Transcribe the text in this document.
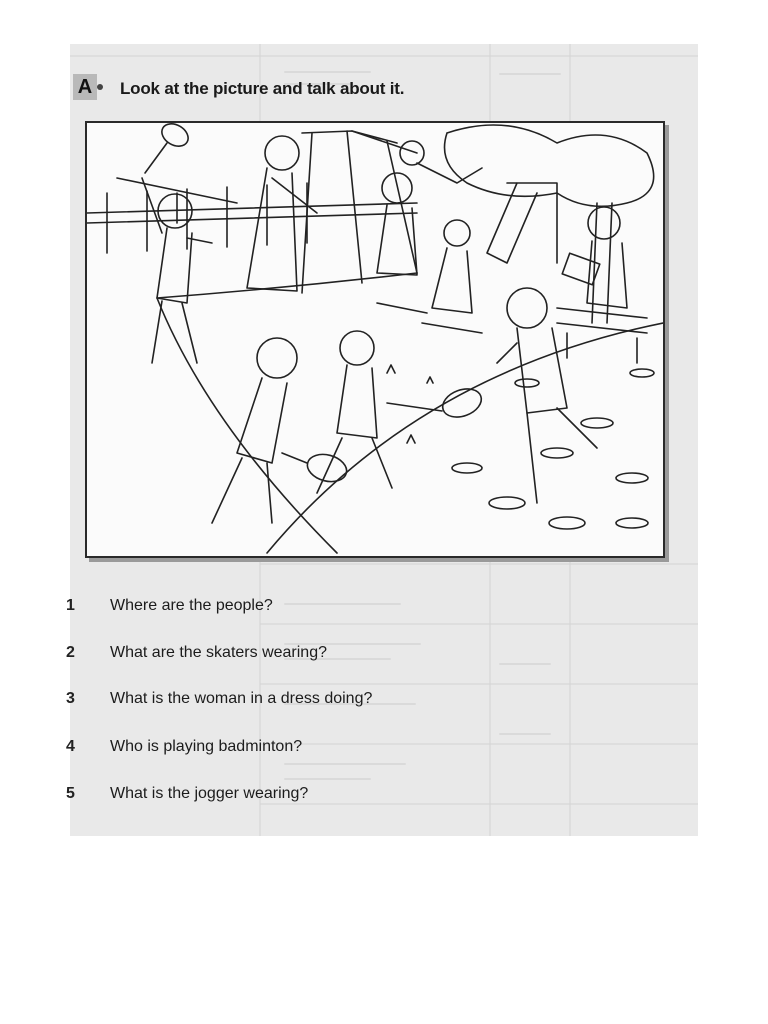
A Look at the picture and talk about it.
1 Where are the people?
2 What are the skaters wearing?
3 What is the woman in a dress doing?
4 Who is playing badminton?
5 What is the jogger wearing?
